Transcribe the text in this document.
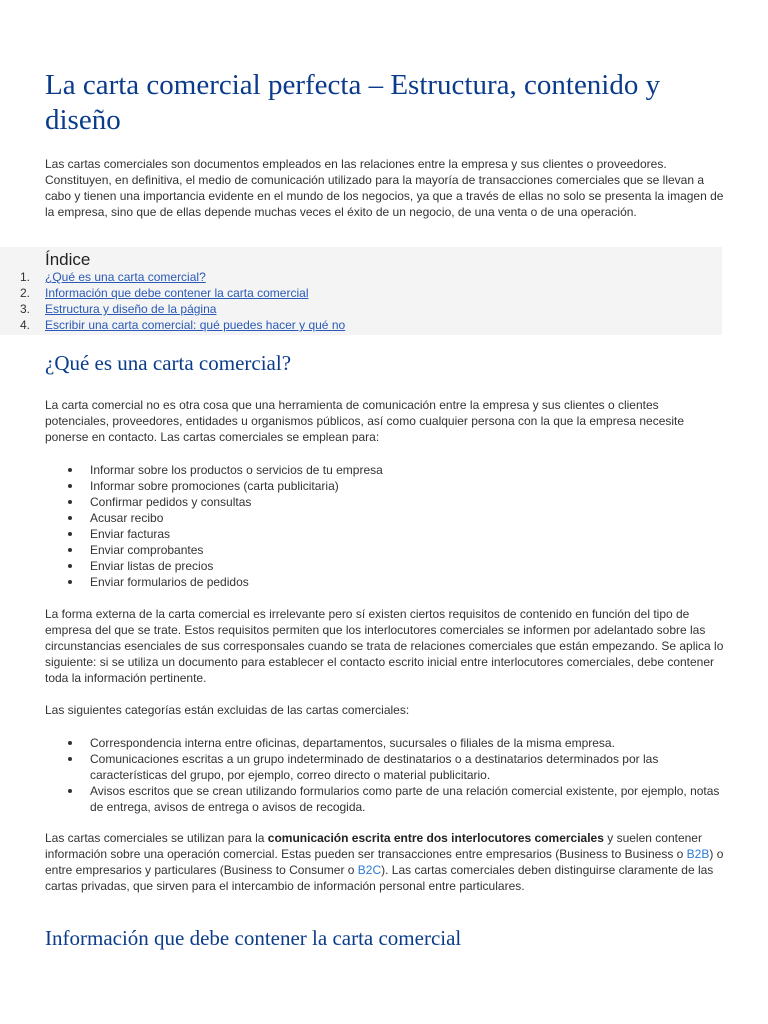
La carta comercial perfecta – Estructura, contenido y diseño

Las cartas comerciales son documentos empleados en las relaciones entre la empresa y sus clientes o proveedores. Constituyen, en definitiva, el medio de comunicación utilizado para la mayoría de transacciones comerciales que se llevan a cabo y tienen una importancia evidente en el mundo de los negocios, ya que a través de ellas no solo se presenta la imagen de la empresa, sino que de ellas depende muchas veces el éxito de un negocio, de una venta o de una operación.

Índice
1. ¿Qué es una carta comercial?
2. Información que debe contener la carta comercial
3. Estructura y diseño de la página
4. Escribir una carta comercial: qué puedes hacer y qué no
¿Qué es una carta comercial?

La carta comercial no es otra cosa que una herramienta de comunicación entre la empresa y sus clientes o clientes potenciales, proveedores, entidades u organismos públicos, así como cualquier persona con la que la empresa necesite ponerse en contacto. Las cartas comerciales se emplean para:

Informar sobre los productos o servicios de tu empresa
Informar sobre promociones (carta publicitaria)
Confirmar pedidos y consultas
Acusar recibo
Enviar facturas
Enviar comprobantes
Enviar listas de precios
Enviar formularios de pedidos

La forma externa de la carta comercial es irrelevante pero sí existen ciertos requisitos de contenido en función del tipo de empresa del que se trate. Estos requisitos permiten que los interlocutores comerciales se informen por adelantado sobre las circunstancias esenciales de sus corresponsales cuando se trata de relaciones comerciales que están empezando. Se aplica lo siguiente: si se utiliza un documento para establecer el contacto escrito inicial entre interlocutores comerciales, debe contener toda la información pertinente.

Las siguientes categorías están excluidas de las cartas comerciales:

Correspondencia interna entre oficinas, departamentos, sucursales o filiales de la misma empresa.
Comunicaciones escritas a un grupo indeterminado de destinatarios o a destinatarios determinados por las características del grupo, por ejemplo, correo directo o material publicitario.
Avisos escritos que se crean utilizando formularios como parte de una relación comercial existente, por ejemplo, notas de entrega, avisos de entrega o avisos de recogida.

Las cartas comerciales se utilizan para la comunicación escrita entre dos interlocutores comerciales y suelen contener información sobre una operación comercial. Estas pueden ser transacciones entre empresarios (Business to Business o B2B) o entre empresarios y particulares (Business to Consumer o B2C). Las cartas comerciales deben distinguirse claramente de las cartas privadas, que sirven para el intercambio de información personal entre particulares.

Información que debe contener la carta comercial
